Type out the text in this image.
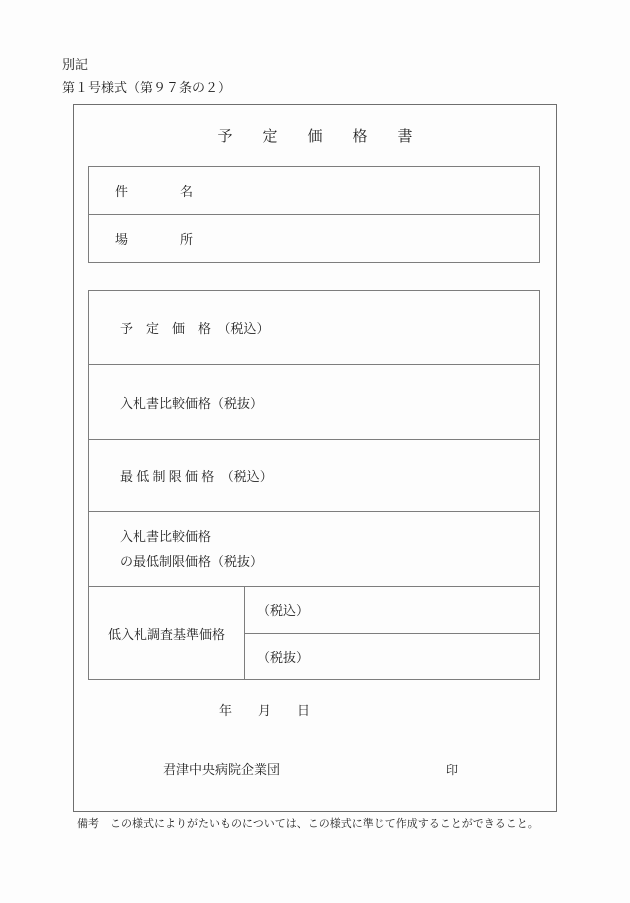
別記
第１号様式（第９７条の２）
予　　定　　価　　格　　書
件　　　　名
場　　　　所
予　定　価　格　（税込）
入札書比較価格（税抜）
最 低 制 限 価 格　（税込）
入札書比較価格
の最低制限価格（税抜）
低入札調査基準価格
（税込）
（税抜）
年　　月　　日
君津中央病院企業団	印
備考　この様式によりがたいものについては、この様式に準じて作成することができること。
